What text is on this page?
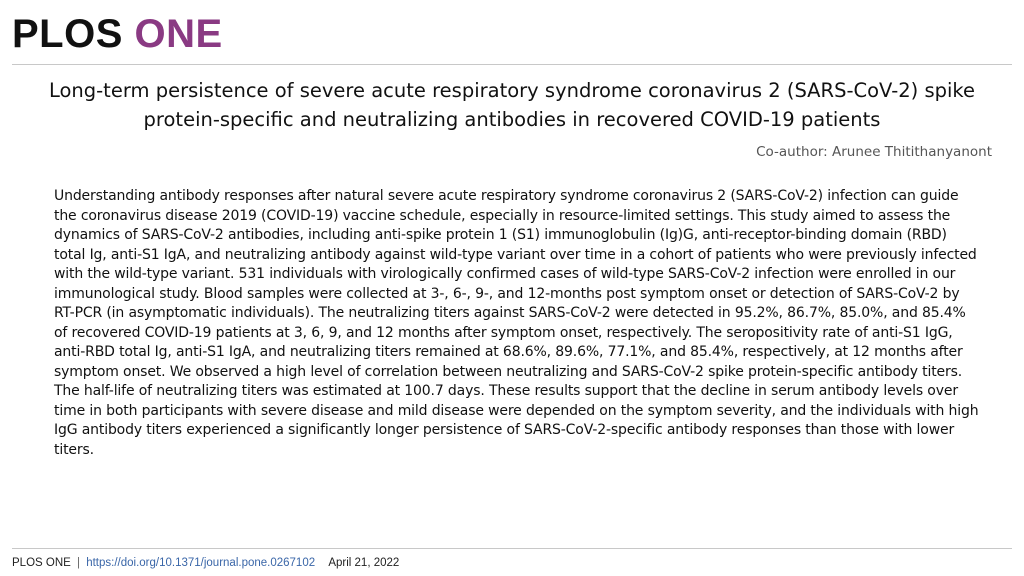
PLOS ONE
Long-term persistence of severe acute respiratory syndrome coronavirus 2 (SARS-CoV-2) spike protein-specific and neutralizing antibodies in recovered COVID-19 patients
Co-author: Arunee Thitithanyanont
Understanding antibody responses after natural severe acute respiratory syndrome coronavirus 2 (SARS-CoV-2) infection can guide the coronavirus disease 2019 (COVID-19) vaccine schedule, especially in resource-limited settings. This study aimed to assess the dynamics of SARS-CoV-2 antibodies, including anti-spike protein 1 (S1) immunoglobulin (Ig)G, anti-receptor-binding domain (RBD) total Ig, anti-S1 IgA, and neutralizing antibody against wild-type variant over time in a cohort of patients who were previously infected with the wild-type variant. 531 individuals with virologically confirmed cases of wild-type SARS-CoV-2 infection were enrolled in our immunological study. Blood samples were collected at 3-, 6-, 9-, and 12-months post symptom onset or detection of SARS-CoV-2 by RT-PCR (in asymptomatic individuals). The neutralizing titers against SARS-CoV-2 were detected in 95.2%, 86.7%, 85.0%, and 85.4% of recovered COVID-19 patients at 3, 6, 9, and 12 months after symptom onset, respectively. The seropositivity rate of anti-S1 IgG, anti-RBD total Ig, anti-S1 IgA, and neutralizing titers remained at 68.6%, 89.6%, 77.1%, and 85.4%, respectively, at 12 months after symptom onset. We observed a high level of correlation between neutralizing and SARS-CoV-2 spike protein-specific antibody titers. The half-life of neutralizing titers was estimated at 100.7 days. These results support that the decline in serum antibody levels over time in both participants with severe disease and mild disease were depended on the symptom severity, and the individuals with high IgG antibody titers experienced a significantly longer persistence of SARS-CoV-2-specific antibody responses than those with lower titers.
PLOS ONE | https://doi.org/10.1371/journal.pone.0267102 April 21, 2022
